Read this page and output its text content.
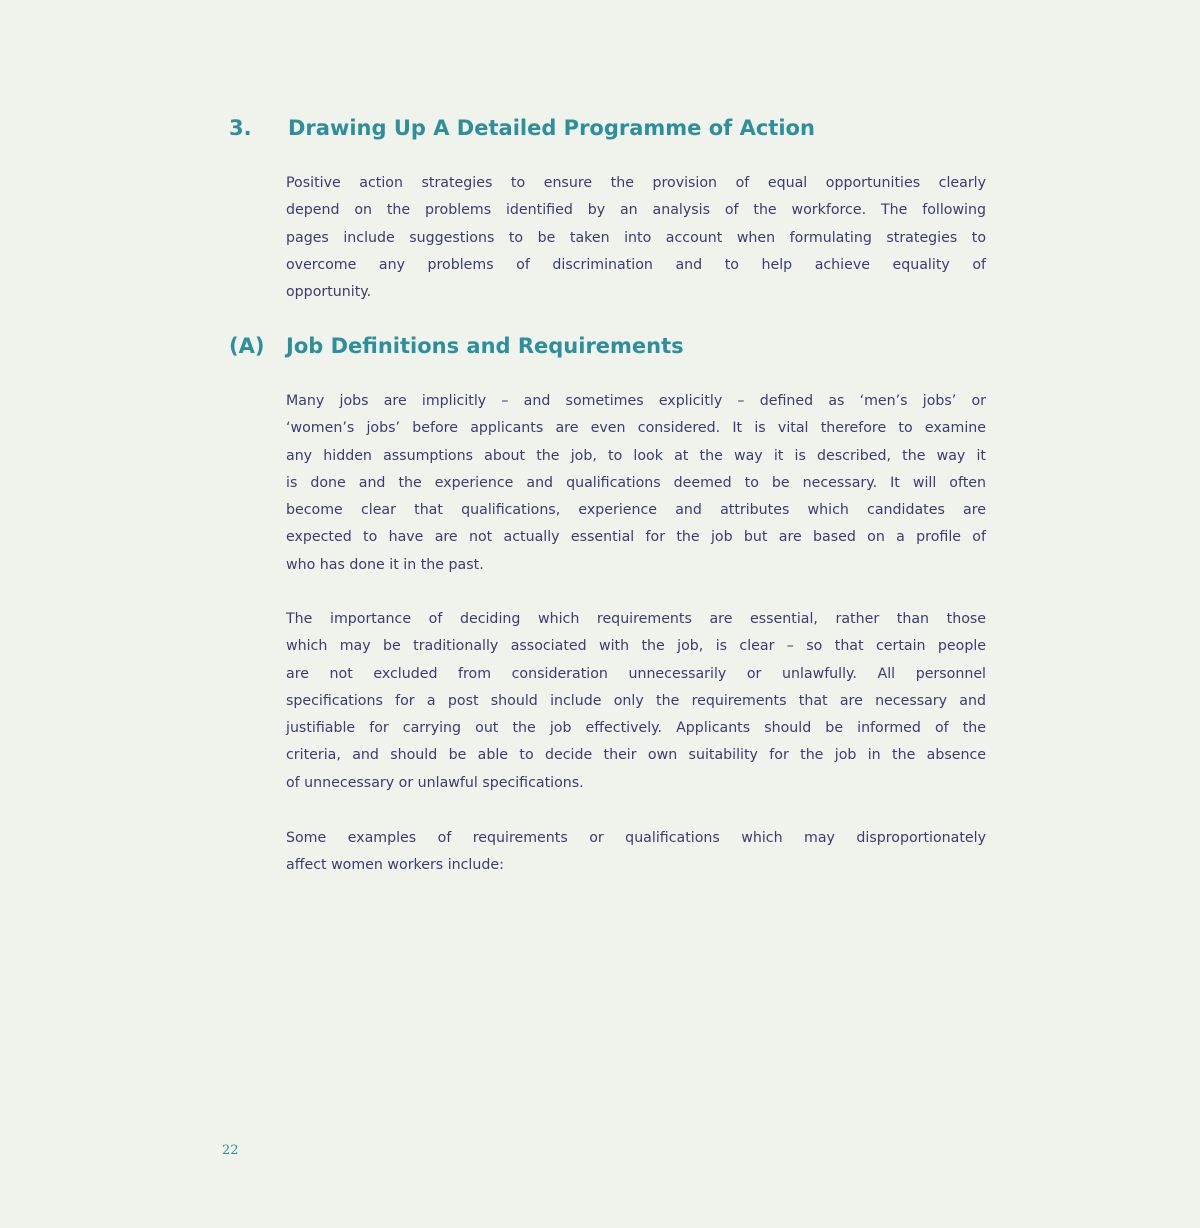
3. Drawing Up A Detailed Programme of Action

Positive action strategies to ensure the provision of equal opportunities clearly
depend on the problems identified by an analysis of the workforce. The following
pages include suggestions to be taken into account when formulating strategies to
overcome any problems of discrimination and to help achieve equality of
opportunity.

(A) Job Definitions and Requirements

Many jobs are implicitly – and sometimes explicitly – defined as ‘men’s jobs’ or
‘women’s jobs’ before applicants are even considered. It is vital therefore to examine
any hidden assumptions about the job, to look at the way it is described, the way it
is done and the experience and qualifications deemed to be necessary. It will often
become clear that qualifications, experience and attributes which candidates are
expected to have are not actually essential for the job but are based on a profile of
who has done it in the past.

The importance of deciding which requirements are essential, rather than those
which may be traditionally associated with the job, is clear – so that certain people
are not excluded from consideration unnecessarily or unlawfully. All personnel
specifications for a post should include only the requirements that are necessary and
justifiable for carrying out the job effectively. Applicants should be informed of the
criteria, and should be able to decide their own suitability for the job in the absence
of unnecessary or unlawful specifications.

Some examples of requirements or qualifications which may disproportionately
affect women workers include:

22
